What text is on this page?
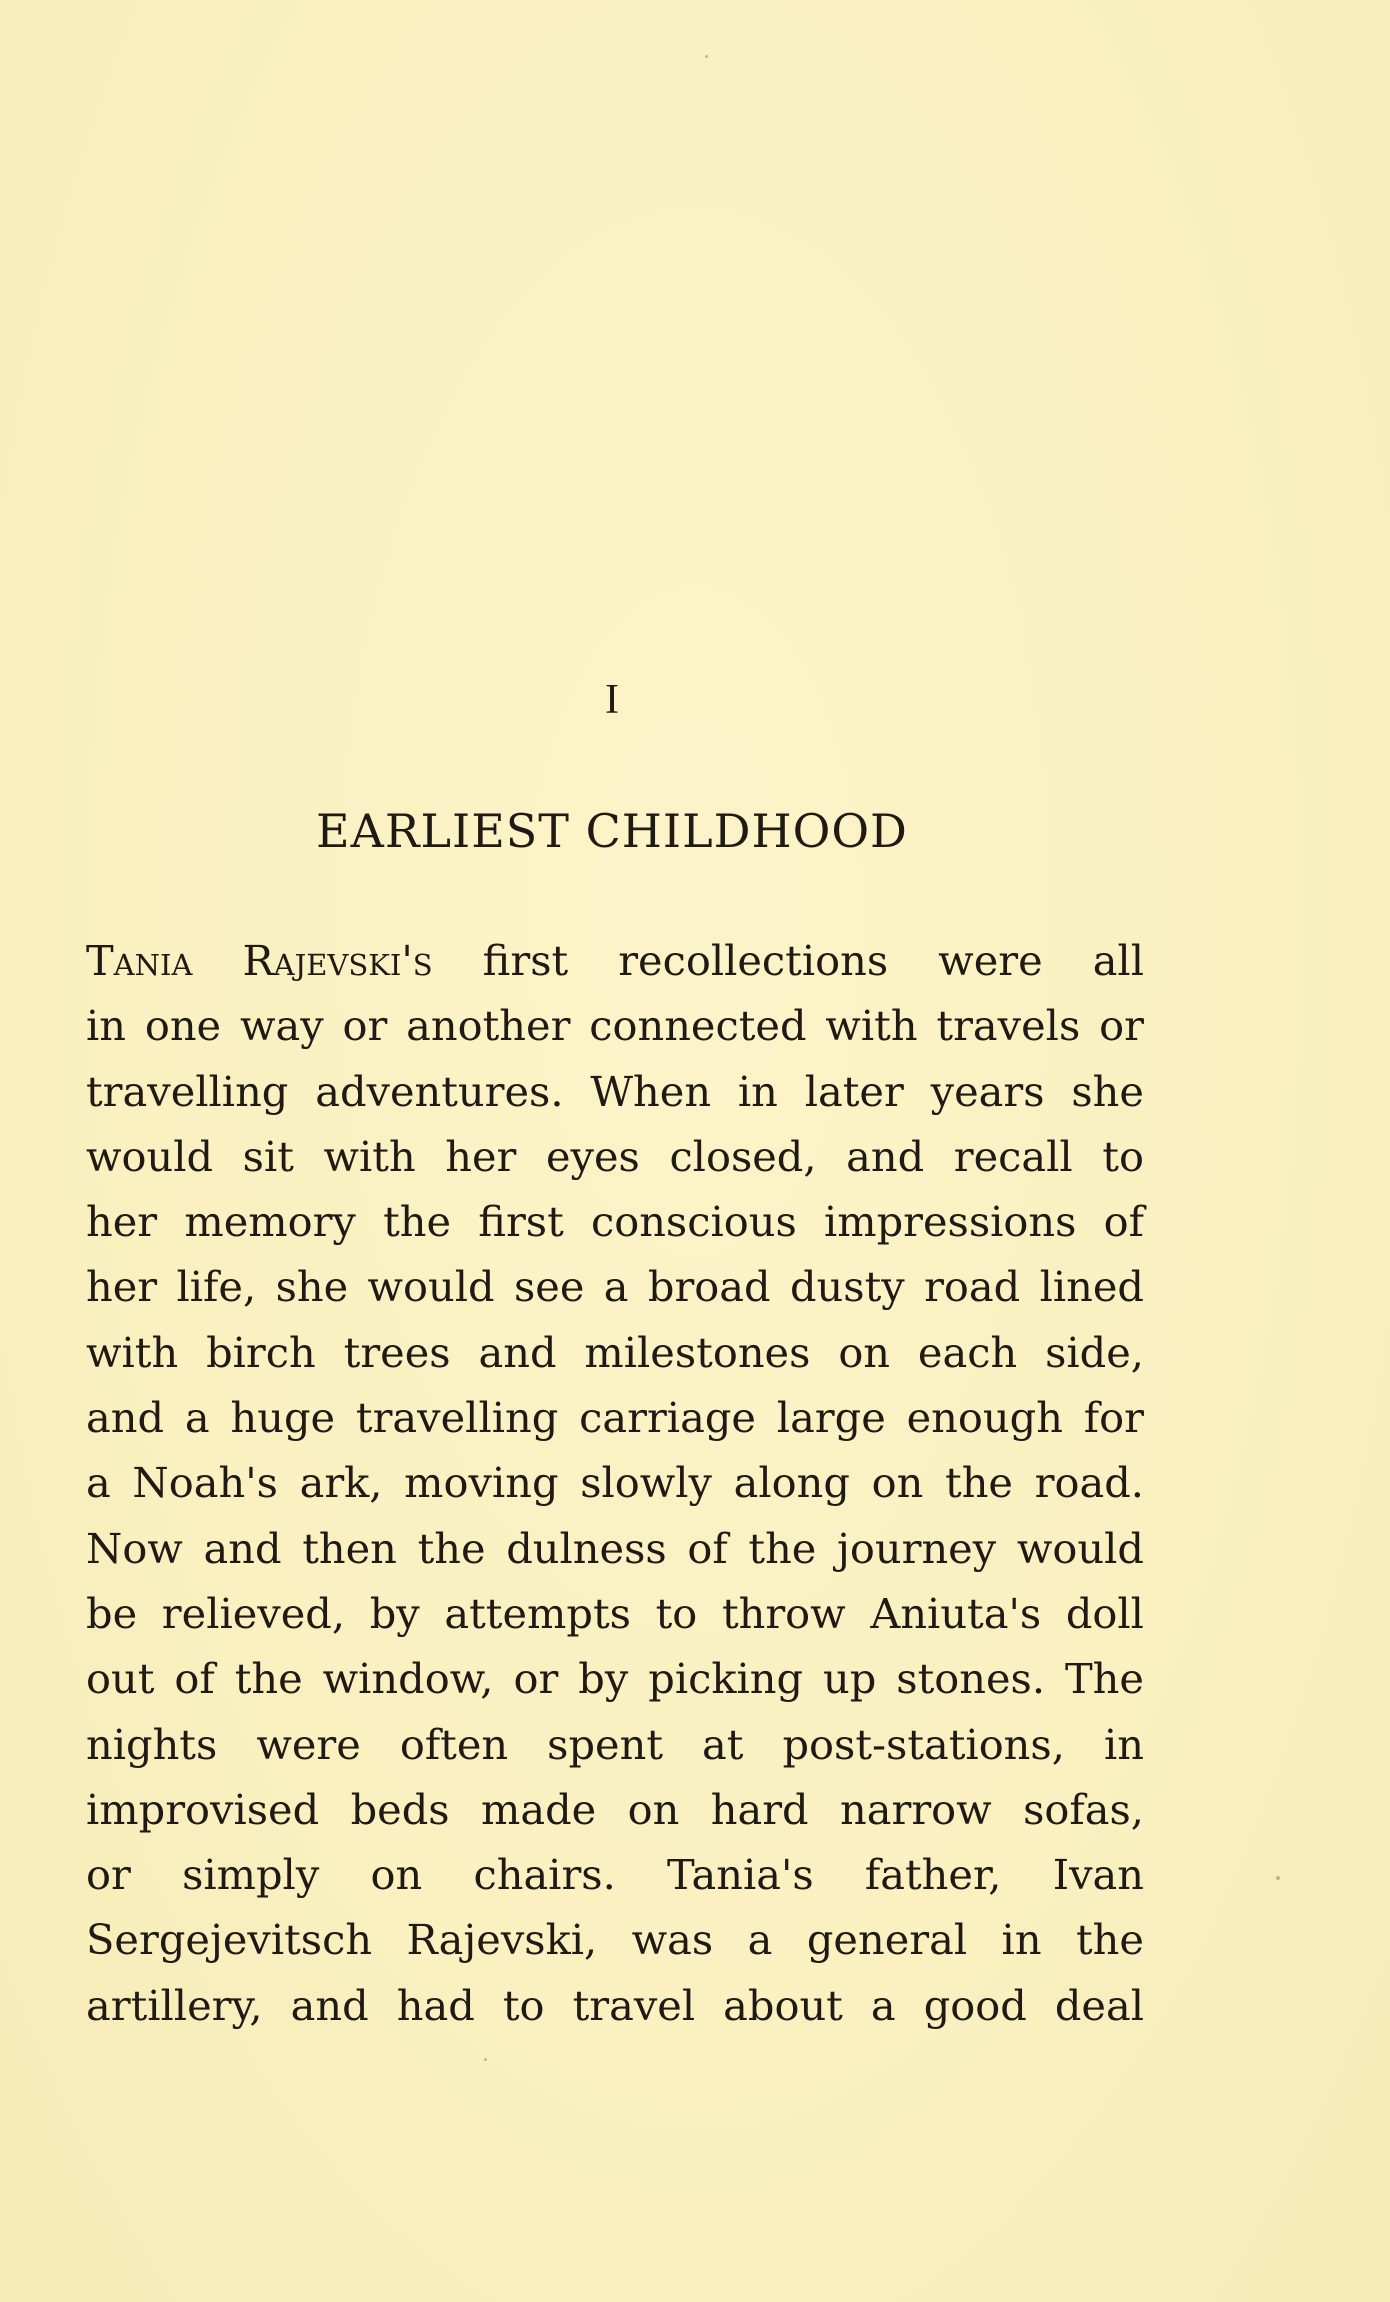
I
EARLIEST CHILDHOOD
Tania Rajevski's first recollections were all
in one way or another connected with travels or
travelling adventures. When in later years she
would sit with her eyes closed, and recall to
her memory the first conscious impressions of
her life, she would see a broad dusty road lined
with birch trees and milestones on each side,
and a huge travelling carriage large enough for
a Noah's ark, moving slowly along on the road.
Now and then the dulness of the journey would
be relieved, by attempts to throw Aniuta's doll
out of the window, or by picking up stones. The
nights were often spent at post-stations, in
improvised beds made on hard narrow sofas,
or simply on chairs. Tania's father, Ivan
Sergejevitsch Rajevski, was a general in the
artillery, and had to travel about a good deal
